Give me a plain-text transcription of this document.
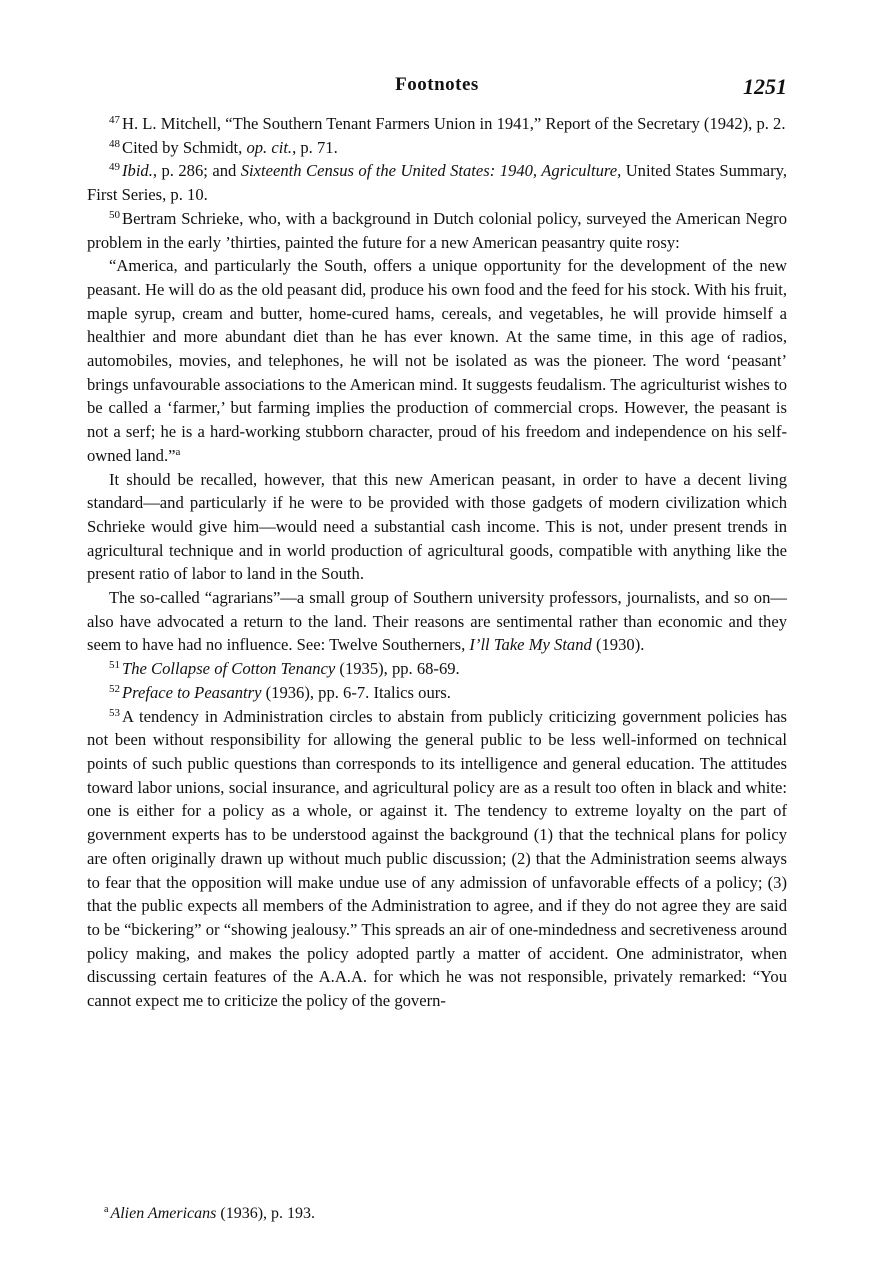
Footnotes	1251

$^{47}$ H. L. Mitchell, “The Southern Tenant Farmers Union in 1941,” Report of the Secretary (1942), p. 2.

$^{48}$ Cited by Schmidt, op. cit., p. 71.

$^{49}$ Ibid., p. 286; and Sixteenth Census of the United States: 1940, Agriculture, United States Summary, First Series, p. 10.

$^{50}$ Bertram Schrieke, who, with a background in Dutch colonial policy, surveyed the American Negro problem in the early ’thirties, painted the future for a new American peasantry quite rosy:

“America, and particularly the South, offers a unique opportunity for the development of the new peasant. He will do as the old peasant did, produce his own food and the feed for his stock. With his fruit, maple syrup, cream and butter, home-cured hams, cereals, and vegetables, he will provide himself a healthier and more abundant diet than he has ever known. At the same time, in this age of radios, automobiles, movies, and telephones, he will not be isolated as was the pioneer. The word ‘peasant’ brings unfavourable associations to the American mind. It suggests feudalism. The agriculturist wishes to be called a ‘farmer,’ but farming implies the production of commercial crops. However, the peasant is not a serf; he is a hard-working stubborn character, proud of his freedom and independence on his self-owned land.”$^a$

It should be recalled, however, that this new American peasant, in order to have a decent living standard—and particularly if he were to be provided with those gadgets of modern civilization which Schrieke would give him—would need a substantial cash income. This is not, under present trends in agricultural technique and in world production of agricultural goods, compatible with anything like the present ratio of labor to land in the South.

The so-called “agrarians”—a small group of Southern university professors, journalists, and so on—also have advocated a return to the land. Their reasons are sentimental rather than economic and they seem to have had no influence. See: Twelve Southerners, I’ll Take My Stand (1930).

$^{51}$ The Collapse of Cotton Tenancy (1935), pp. 68-69.

$^{52}$ Preface to Peasantry (1936), pp. 6-7. Italics ours.

$^{53}$ A tendency in Administration circles to abstain from publicly criticizing government policies has not been without responsibility for allowing the general public to be less well-informed on technical points of such public questions than corresponds to its intelligence and general education. The attitudes toward labor unions, social insurance, and agricultural policy are as a result too often in black and white: one is either for a policy as a whole, or against it. The tendency to extreme loyalty on the part of government experts has to be understood against the background (1) that the technical plans for policy are often originally drawn up without much public discussion; (2) that the Administration seems always to fear that the opposition will make undue use of any admission of unfavorable effects of a policy; (3) that the public expects all members of the Administration to agree, and if they do not agree they are said to be “bickering” or “showing jealousy.” This spreads an air of one-mindedness and secretiveness around policy making, and makes the policy adopted partly a matter of accident. One administrator, when discussing certain features of the A.A.A. for which he was not responsible, privately remarked: “You cannot expect me to criticize the policy of the govern-

$^a$ Alien Americans (1936), p. 193.
